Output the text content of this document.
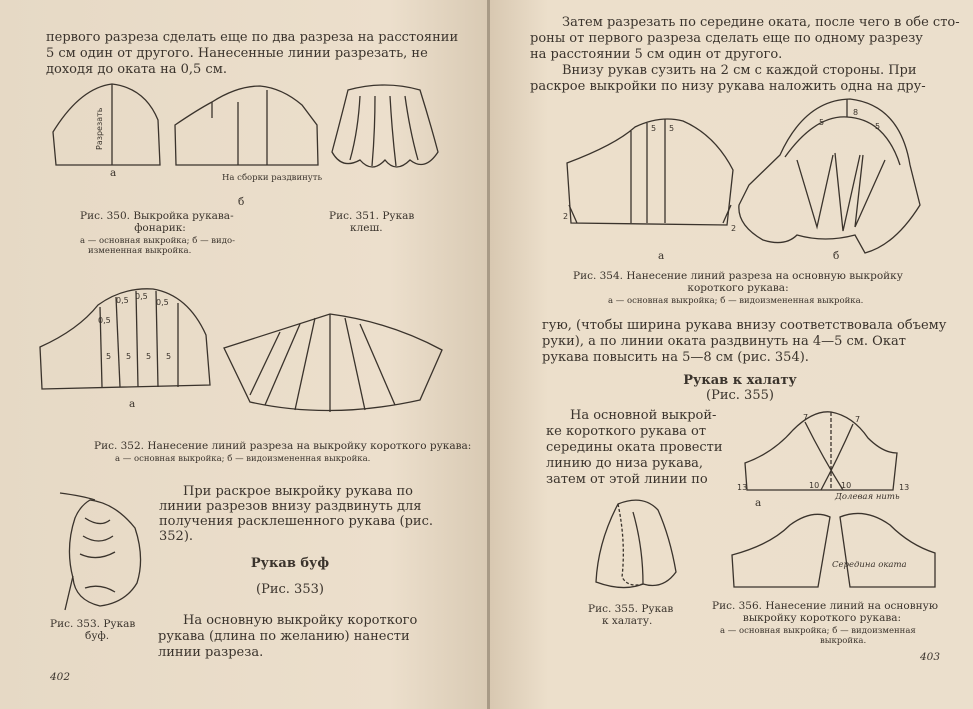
первого разреза сделать еще по два разреза на расстоянии
5 см один от другого. Нанесенные линии разрезать, не
доходя до оката на 0,5 см.
Разрезать
а	На сборки раздвинуть
б
Рис. 350. Выкройка рукава-
фонарик:
а — основная выкройка; б — видо-
измененная выкройка.
Рис. 351. Рукав
клеш.
0,5
0,5 0,5
0,5
5 5 5 5
а
Рис. 352. Нанесение линий разреза на выкройку короткого рукава:
а — основная выкройка; б — видоизмененная выкройка.
При раскрое выкройку рукава по
линии разрезов внизу раздвинуть для
получения расклешенного рукава (рис.
352).
Рукав буф
(Рис. 353)
Рис. 353. Рукав
буф.
На основную выкройку короткого
рукава (длина по желанию) нанести
линии разреза.
402
Затем разрезать по середине оката, после чего в обе сто-
роны от первого разреза сделать еще по одному разрезу
на расстоянии 5 см один от другого.
Внизу рукав сузить на 2 см с каждой стороны. При
раскрое выкройки по низу рукава наложить одна на дру-
5 5
2
2
а
8
5	5
б
Рис. 354. Нанесение линий разреза на основную выкройку
короткого рукава:
а — основная выкройка; б — видоизмененная выкройка.
гую, (чтобы ширина рукава внизу соответствовала объему
руки), а по линии оката раздвинуть на 4—5 см. Окат
рукава повысить на 5—8 см (рис. 354).
Рукав к халату
(Рис. 355)
На основной выкрой-
ке короткого рукава от
середины оката провести
линию до низа рукава,
затем от этой линии по
Рис. 355. Рукав
к халату.
7	7
10	10
13	13
Долевая нить
а
Середина оката
Рис. 356. Нанесение линий на основную
выкройку короткого рукава:
а — основная выкройка; б — видоизменная
выкройка.
403
